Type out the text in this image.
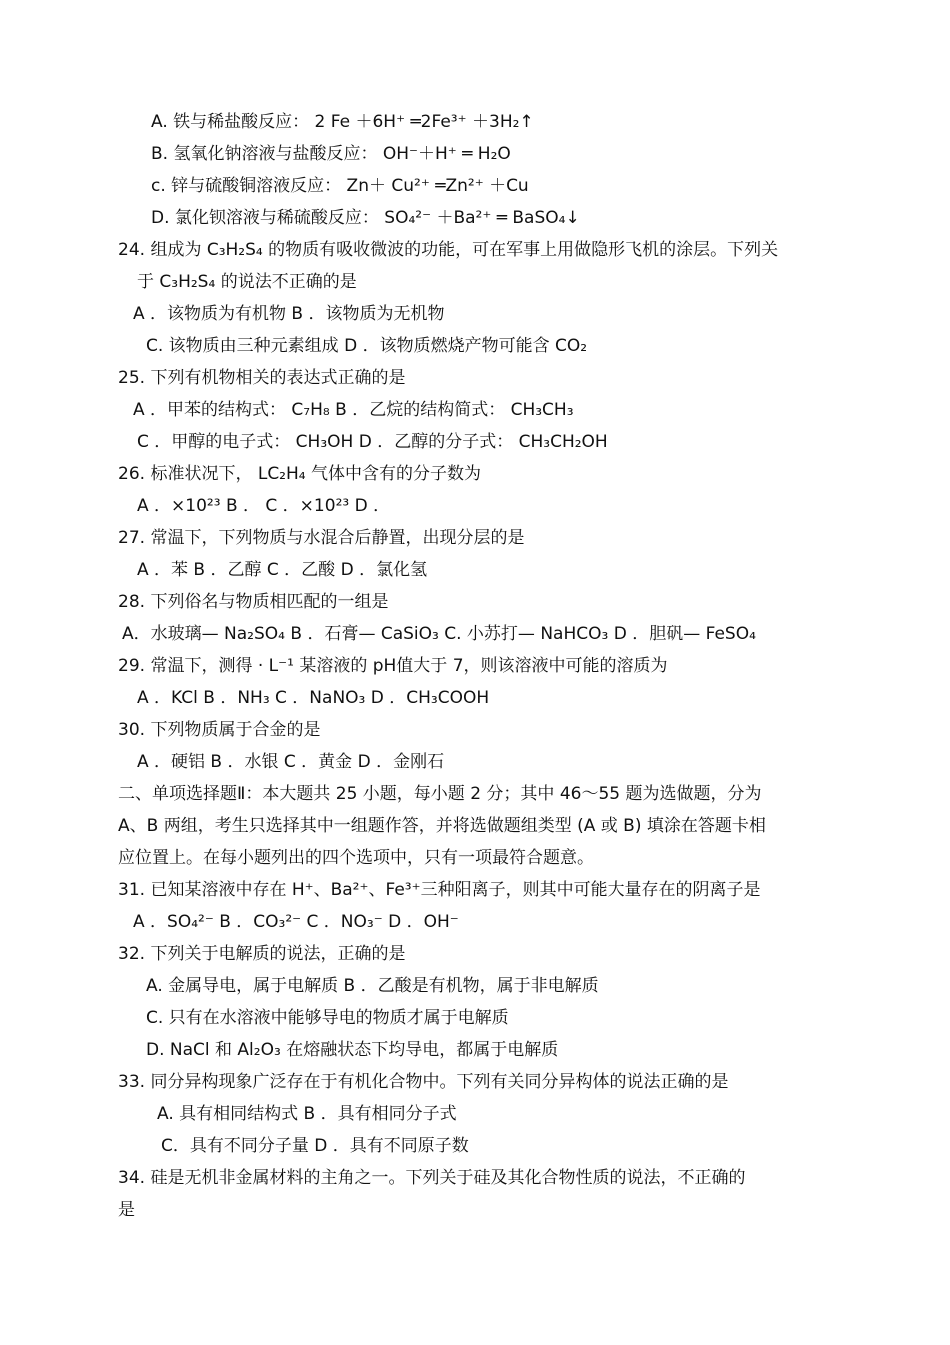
A. 铁与稀盐酸反应： 2 Fe ＋6H⁺ ═2Fe³⁺ ＋3H₂↑
B. 氢氧化钠溶液与盐酸反应： OH⁻＋H⁺ ═ H₂O
c. 锌与硫酸铜溶液反应： Zn＋ Cu²⁺ ═Zn²⁺ ＋Cu
D. 氯化钡溶液与稀硫酸反应： SO₄²⁻ ＋Ba²⁺ ═ BaSO₄↓
24. 组成为 C₃H₂S₄ 的物质有吸收微波的功能，可在军事上用做隐形飞机的涂层。下列关
于 C₃H₂S₄ 的说法不正确的是
A ．该物质为有机物 B ．该物质为无机物
C. 该物质由三种元素组成 D ．该物质燃烧产物可能含 CO₂
25. 下列有机物相关的表达式正确的是
A ．甲苯的结构式： C₇H₈ B ．乙烷的结构简式： CH₃CH₃
C ．甲醇的电子式： CH₃OH D ．乙醇的分子式： CH₃CH₂OH
26. 标准状况下， LC₂H₄ 气体中含有的分子数为
A ．×10²³ B ． C ．×10²³ D ．
27. 常温下，下列物质与水混合后静置，出现分层的是
A ．苯 B ．乙醇 C ．乙酸 D ．氯化氢
28. 下列俗名与物质相匹配的一组是
A．水玻璃— Na₂SO₄ B ．石膏— CaSiO₃ C. 小苏打— NaHCO₃ D ．胆矾— FeSO₄
29. 常温下，测得 · L⁻¹ 某溶液的 pH值大于 7，则该溶液中可能的溶质为
A ．KCl B ．NH₃ C ．NaNO₃ D ．CH₃COOH
30. 下列物质属于合金的是
A ．硬铝 B ．水银 C ．黄金 D ．金刚石
二、单项选择题Ⅱ：本大题共 25 小题，每小题 2 分；其中 46～55 题为选做题，分为
A、B 两组，考生只选择其中一组题作答，并将选做题组类型 (A 或 B) 填涂在答题卡相
应位置上。在每小题列出的四个选项中，只有一项最符合题意。
31. 已知某溶液中存在 H⁺、Ba²⁺、Fe³⁺三种阳离子，则其中可能大量存在的阴离子是
A ．SO₄²⁻ B ．CO₃²⁻ C ．NO₃⁻ D ．OH⁻
32. 下列关于电解质的说法，正确的是
A. 金属导电，属于电解质 B ．乙酸是有机物，属于非电解质
C. 只有在水溶液中能够导电的物质才属于电解质
D. NaCl 和 Al₂O₃ 在熔融状态下均导电，都属于电解质
33. 同分异构现象广泛存在于有机化合物中。下列有关同分异构体的说法正确的是
A. 具有相同结构式 B ．具有相同分子式
C．具有不同分子量 D ．具有不同原子数
34. 硅是无机非金属材料的主角之一。下列关于硅及其化合物性质的说法，不正确的
是
